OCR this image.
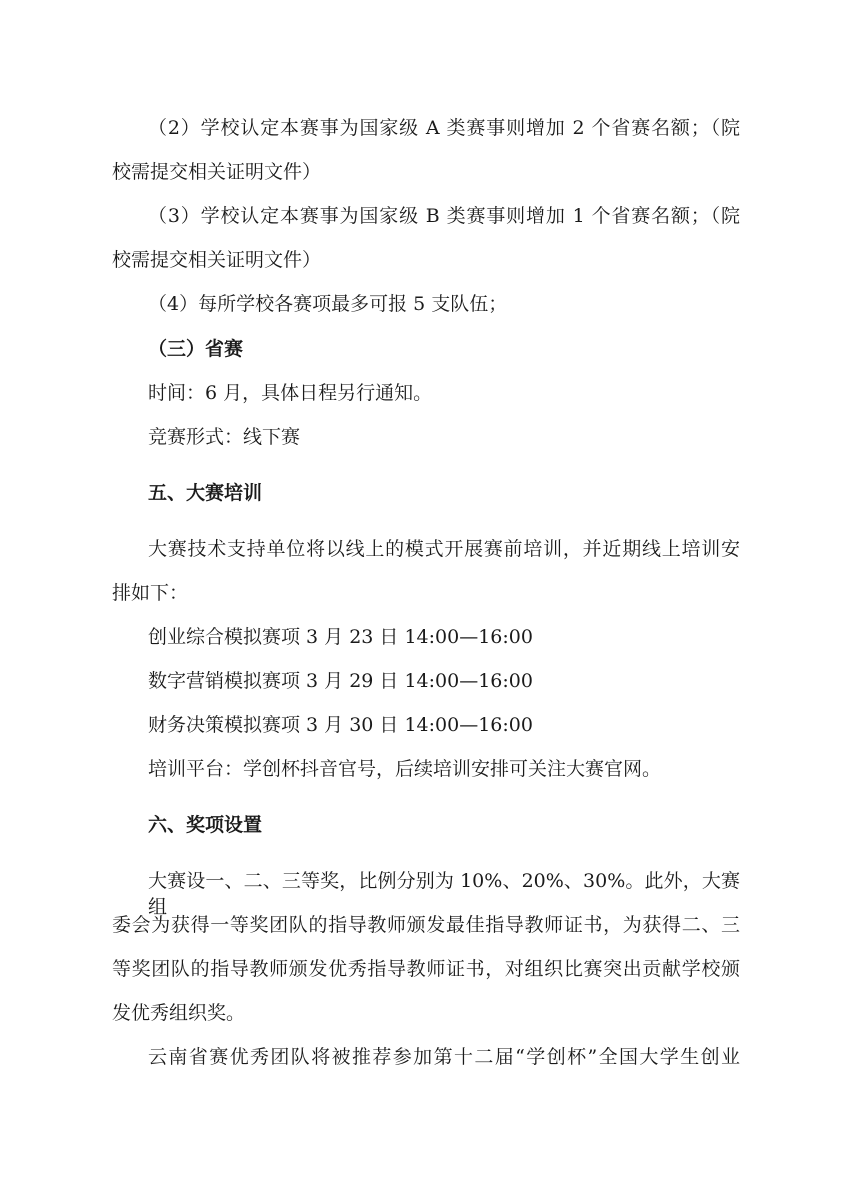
（2）学校认定本赛事为国家级 A 类赛事则增加 2 个省赛名额；（院
校需提交相关证明文件）
（3）学校认定本赛事为国家级 B 类赛事则增加 1 个省赛名额；（院
校需提交相关证明文件）
（4）每所学校各赛项最多可报 5 支队伍；
（三）省赛
时间：6 月，具体日程另行通知。
竞赛形式：线下赛
五、大赛培训
大赛技术支持单位将以线上的模式开展赛前培训，并近期线上培训安
排如下：
创业综合模拟赛项 3 月 23 日 14:00—16:00
数字营销模拟赛项 3 月 29 日 14:00—16:00
财务决策模拟赛项 3 月 30 日 14:00—16:00
培训平台：学创杯抖音官号，后续培训安排可关注大赛官网。
六、奖项设置
大赛设一、二、三等奖，比例分别为 10%、20%、30%。此外，大赛组
委会为获得一等奖团队的指导教师颁发最佳指导教师证书，为获得二、三
等奖团队的指导教师颁发优秀指导教师证书，对组织比赛突出贡献学校颁
发优秀组织奖。
云南省赛优秀团队将被推荐参加第十二届“学创杯”全国大学生创业
